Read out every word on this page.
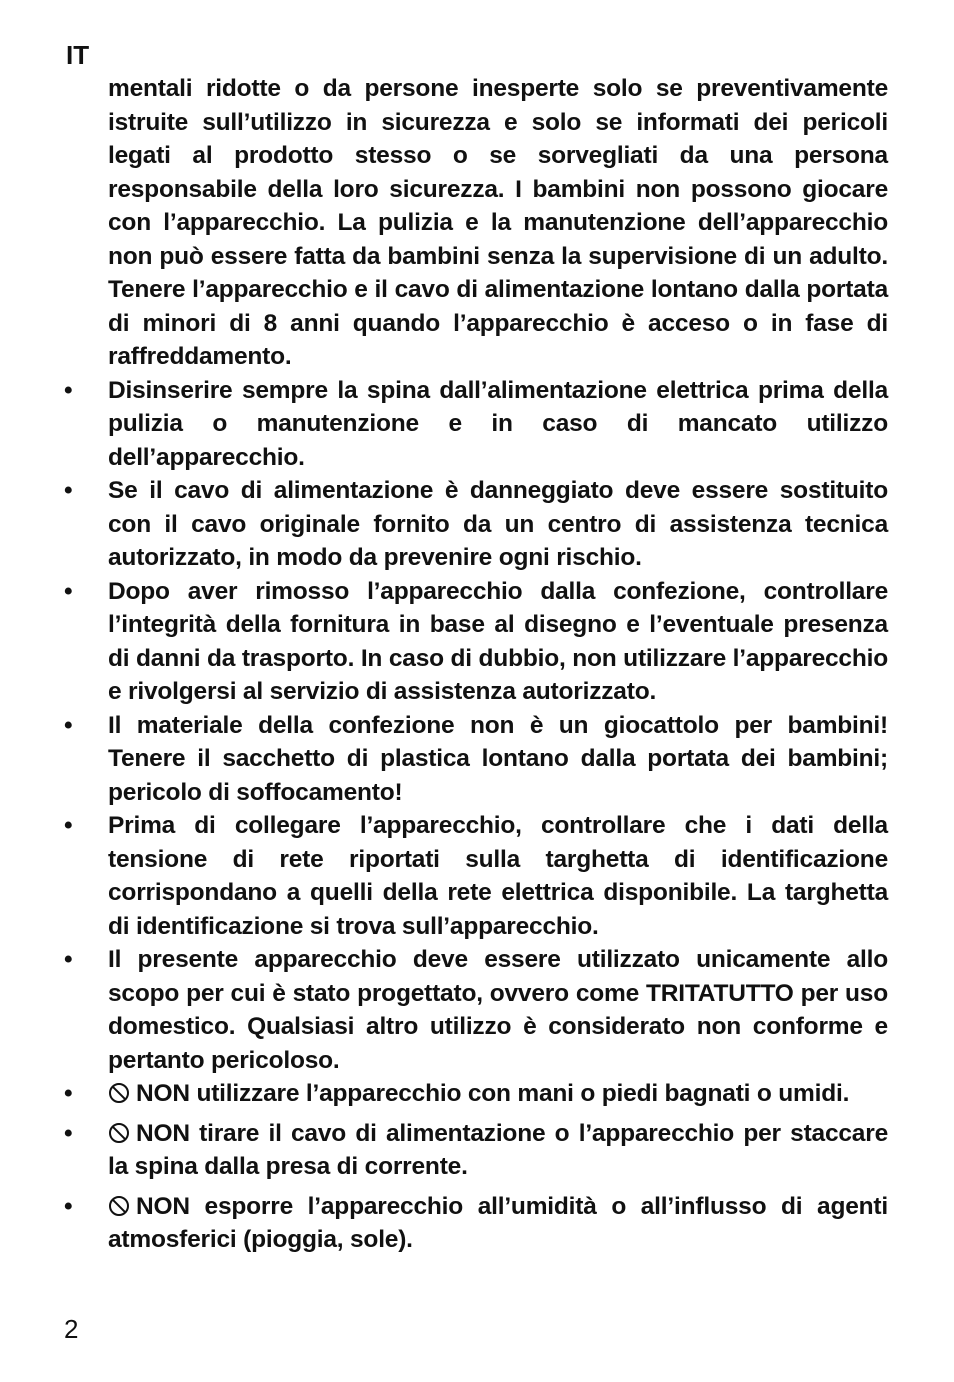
IT
mentali ridotte o da persone inesperte solo se preventivamente istruite sull’utilizzo in sicurezza e solo se informati dei pericoli legati al prodotto stesso o se sorvegliati da una persona responsabile della loro sicurezza. I bambini non possono giocare con l’apparecchio. La pulizia e la manutenzione dell’apparecchio non può essere fatta da bambini senza la supervisione di un adulto. Tenere l’apparecchio e il cavo di alimentazione lontano dalla portata di minori di 8 anni quando l’apparecchio è acceso o in fase di raffreddamento.
•	Disinserire sempre la spina dall’alimentazione elettrica prima della pulizia o manutenzione e in caso di mancato utilizzo dell’apparecchio.
•	Se il cavo di alimentazione è danneggiato deve essere sostituito con il cavo originale fornito da un centro di assistenza tecnica autorizzato, in modo da prevenire ogni rischio.
•	Dopo aver rimosso l’apparecchio dalla confezione, controllare l’integrità della fornitura in base al disegno e l’eventuale presenza di danni da trasporto. In caso di dubbio, non utilizzare l’apparecchio e rivolgersi al servizio di assistenza autorizzato.
•	Il materiale della confezione non è un giocattolo per bambini! Tenere il sacchetto di plastica lontano dalla portata dei bambini; pericolo di soffocamento!
•	Prima di collegare l’apparecchio, controllare che i dati della tensione di rete riportati sulla targhetta di identificazione corrispondano a quelli della rete elettrica disponibile. La targhetta di identificazione si trova sull’apparecchio.
•	Il presente apparecchio deve essere utilizzato unicamente allo scopo per cui è stato progettato, ovvero come TRITATUTTO per uso domestico. Qualsiasi altro utilizzo è considerato non conforme e pertanto pericoloso.
•	NON utilizzare l’apparecchio con mani o piedi bagnati o umidi.
•	NON tirare il cavo di alimentazione o l’apparecchio per staccare la spina dalla presa di corrente.
•	NON esporre l’apparecchio all’umidità o all’influsso di agenti atmosferici (pioggia, sole).
2
